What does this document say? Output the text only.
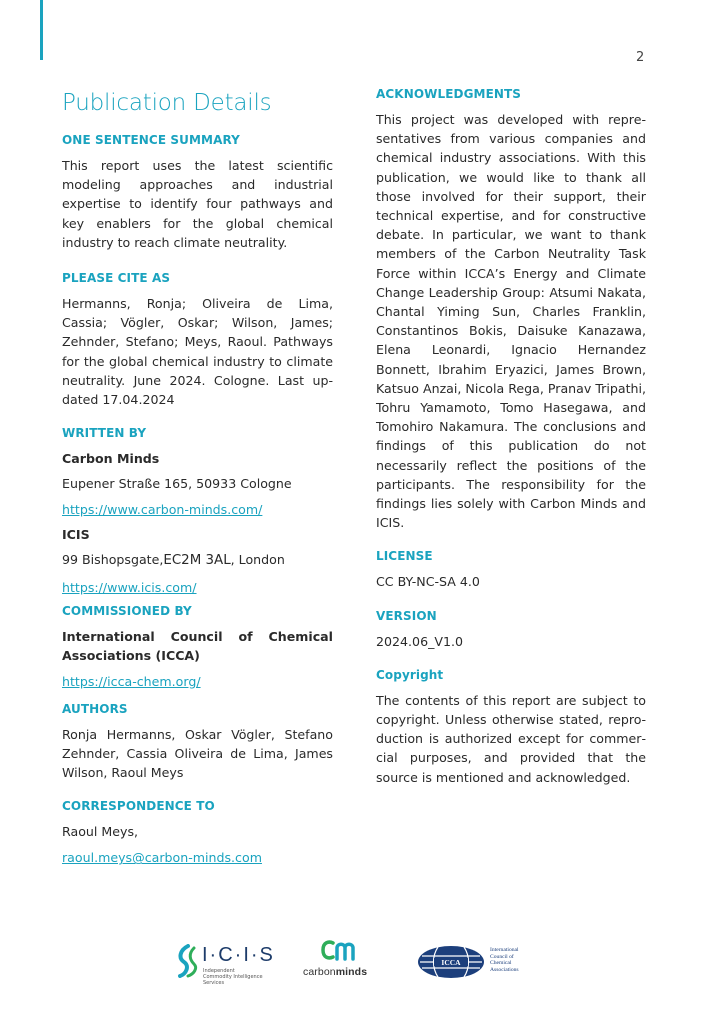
2
Publication Details
ONE SENTENCE SUMMARY

This report uses the latest scientific modeling approaches and industrial expertise to identify four pathways and key enablers for the global chemical industry to reach climate neutrality.

PLEASE CITE AS

Hermanns, Ronja; Oliveira de Lima, Cassia; Vögler, Oskar; Wilson, James; Zehnder, Stefano; Meys, Raoul. Pathways for the global chemical industry to climate neutrality. June 2024. Cologne. Last updated 17.04.2024

WRITTEN BY

Carbon Minds

Eupener Straße 165, 50933 Cologne

https://www.carbon-minds.com/

ICIS

99 Bishopsgate,EC2M 3AL, London

https://www.icis.com/
COMMISSIONED BY

International Council of Chemical Associations (ICCA)

https://icca-chem.org/
AUTHORS

Ronja Hermanns, Oskar Vögler, Stefano Zehnder, Cassia Oliveira de Lima, James Wilson, Raoul Meys

CORRESPONDENCE TO

Raoul Meys,

raoul.meys@carbon-minds.com
ACKNOWLEDGMENTS

This project was developed with representatives from various companies and chemical industry associations. With this publication, we would like to thank all those involved for their support, their technical expertise, and for constructive debate. In particular, we want to thank members of the Carbon Neutrality Task Force within ICCA’s Energy and Climate Change Leadership Group: Atsumi Nakata, Chantal Yiming Sun, Charles Franklin, Constantinos Bokis, Daisuke Kanazawa, Elena Leonardi, Ignacio Hernandez Bonnett, Ibrahim Eryazici, James Brown, Katsuo Anzai, Nicola Rega, Pranav Tripathi, Tohru Yamamoto, Tomo Hasegawa, and Tomohiro Nakamura. The conclusions and findings of this publication do not necessarily reflect the positions of the participants. The responsibility for the findings lies solely with Carbon Minds and ICIS.

LICENSE

CC BY-NC-SA 4.0

VERSION

2024.06_V1.0

Copyright

The contents of this report are subject to copyright. Unless otherwise stated, reproduction is authorized except for commercial purposes, and provided that the source is mentioned and acknowledged.

I·C·I·S
Independent Commodity Intelligence Services
carbonminds
ICCA
International
Council of
Chemical
Associations
